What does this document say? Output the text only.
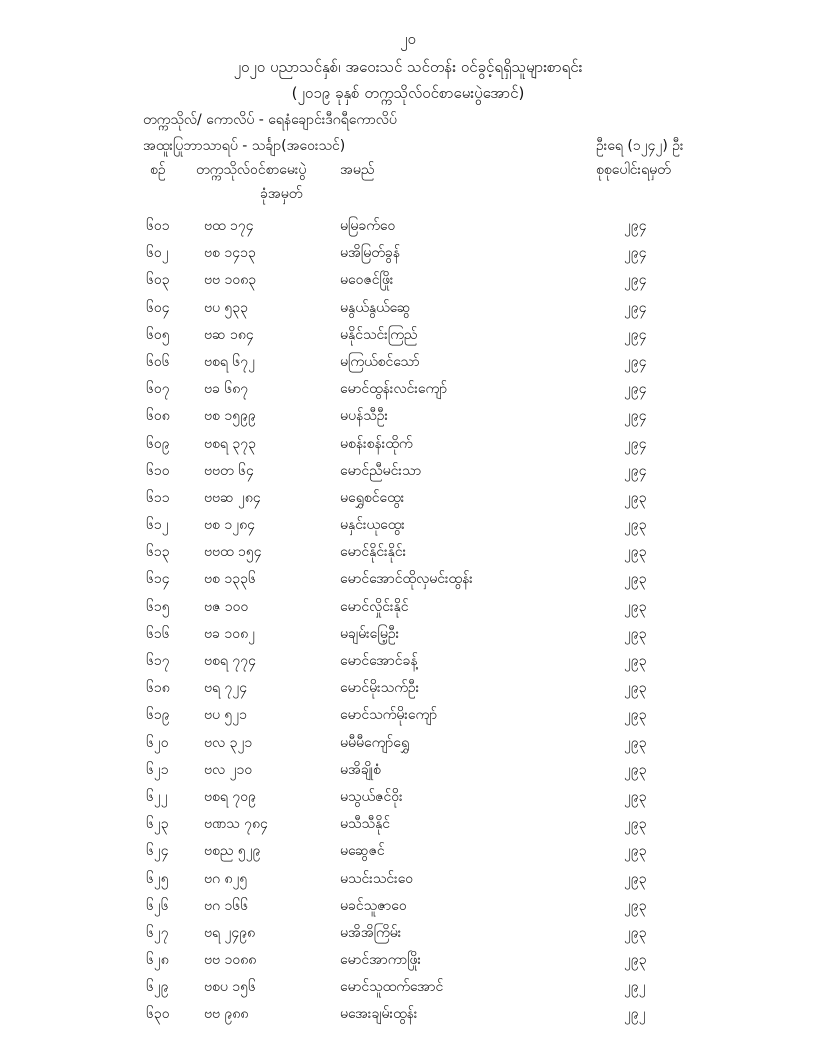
၂၀
၂၀၂၀ ပညာသင်နှစ်၊ အဝေးသင် သင်တန်း ဝင်ခွင့်ရရှိသူများစာရင်း
(၂၀၁၉ ခုနှစ် တက္ကသိုလ်ဝင်စာမေးပွဲအောင်)
တက္ကသိုလ်/ ကောလိပ် - ရေနံချောင်းဒီဂရီကောလိပ်
အထူးပြုဘာသာရပ် - သင်္ချာ(အဝေးသင်)	ဦးရေ (၁၂၄၂) ဦး
စဉ် တက္ကသိုလ်ဝင်စာမေးပွဲ
ခုံအမှတ်
အမည်	စုစုပေါင်းရမှတ်
၆၀၁ ဗထ ၁၇၄	မမြခက်ဝေ	၂၉၄
၆၀၂	ဗစ ၁၄၁၃	မအိမြတ်ခွန်	၂၉၄
၆၀၃ ဗဗ ၁၀၈၃	မဝေဇင်ဖြိုး	၂၉၄
၆၀၄ ဗပ ၅၃၃	မနွယ်နွယ်ဆွေ	၂၉၄
၆၀၅ ဗဆ ၁၈၄	မနိုင်သင်းကြည်	၂၉၄
၆၀၆ ဗစရ ၆၇၂	မကြယ်စင်သော်	၂၉၄
၆၀၇ ဗခ ၆၈၇	မောင်ထွန်းလင်းကျော်	၂၉၄
၆၀၈ ဗစ ၁၅၉၉	မပန်သီဦး	၂၉၄
၆၀၉ ဗစရ ၃၇၃	မစန်းစန်းထိုက်	၂၉၄
၆၁၀ ဗဗတ ၆၄	မောင်ညီမင်းသာ	၂၉၄
၆၁၁ ဗဗဆ ၂၈၄	မရွှေစင်ထွေး	၂၉၃
၆၁၂	ဗစ ၁၂၈၄	မနှင်းယုထွေး	၂၉၃
၆၁၃ ဗဗထ ၁၅၄	မောင်နိုင်းနိုင်း	၂၉၃
၆၁၄ ဗစ ၁၃၃၆	မောင်အောင်ထိုလှမင်းထွန်း	၂၉၃
၆၁၅ ဗဇ ၁၀၀	မောင်လှိုင်းနိုင်	၂၉၃
၆၁၆ ဗခ ၁၀၈၂	မချမ်းမြေ့ဦး	၂၉၃
၆၁၇ ဗစရ ၇၇၄	မောင်အောင်ခန့်	၂၉၃
၆၁၈ ဗရ ၇၂၄	မောင်မိုးသက်ဦး	၂၉၃
၆၁၉ ဗပ ၅၂၁	မောင်သက်မိုးကျော်	၂၉၃
၆၂၀	ဗလ ၃၂၁	မမီမီကျော်ရွှေ	၂၉၃
၆၂၁	ဗလ ၂၁၀	မအိချိုစံ	၂၉၃
၆၂၂	ဗစရ ၇၀၉	မသွယ်ဇင်ဝိုး	၂၉၃
၆၂၃	ဗဏသ ၇၈၄	မသီသီနိုင်	၂၉၃
၆၂၄	ဗစည ၅၂၉	မဆွေဇင်	၂၉၃
၆၂၅	ဗဂ ၈၂၅	မသင်းသင်းဝေ	၂၉၃
၆၂၆	ဗဂ ၁၆၆	မခင်သူဇာဝေ	၂၉၃
၆၂၇	ဗရ ၂၄၉၈	မအိအိကြိမ်း	၂၉၃
၆၂၈	ဗဗ ၁၀၈၈	မောင်အာကာဖြိုး	၂၉၃
၆၂၉	ဗစပ ၁၅၆	မောင်သူထက်အောင်	၂၉၂
၆၃၀ ဗဗ ၉၈၈	မအေးချမ်းထွန်း	၂၉၂
